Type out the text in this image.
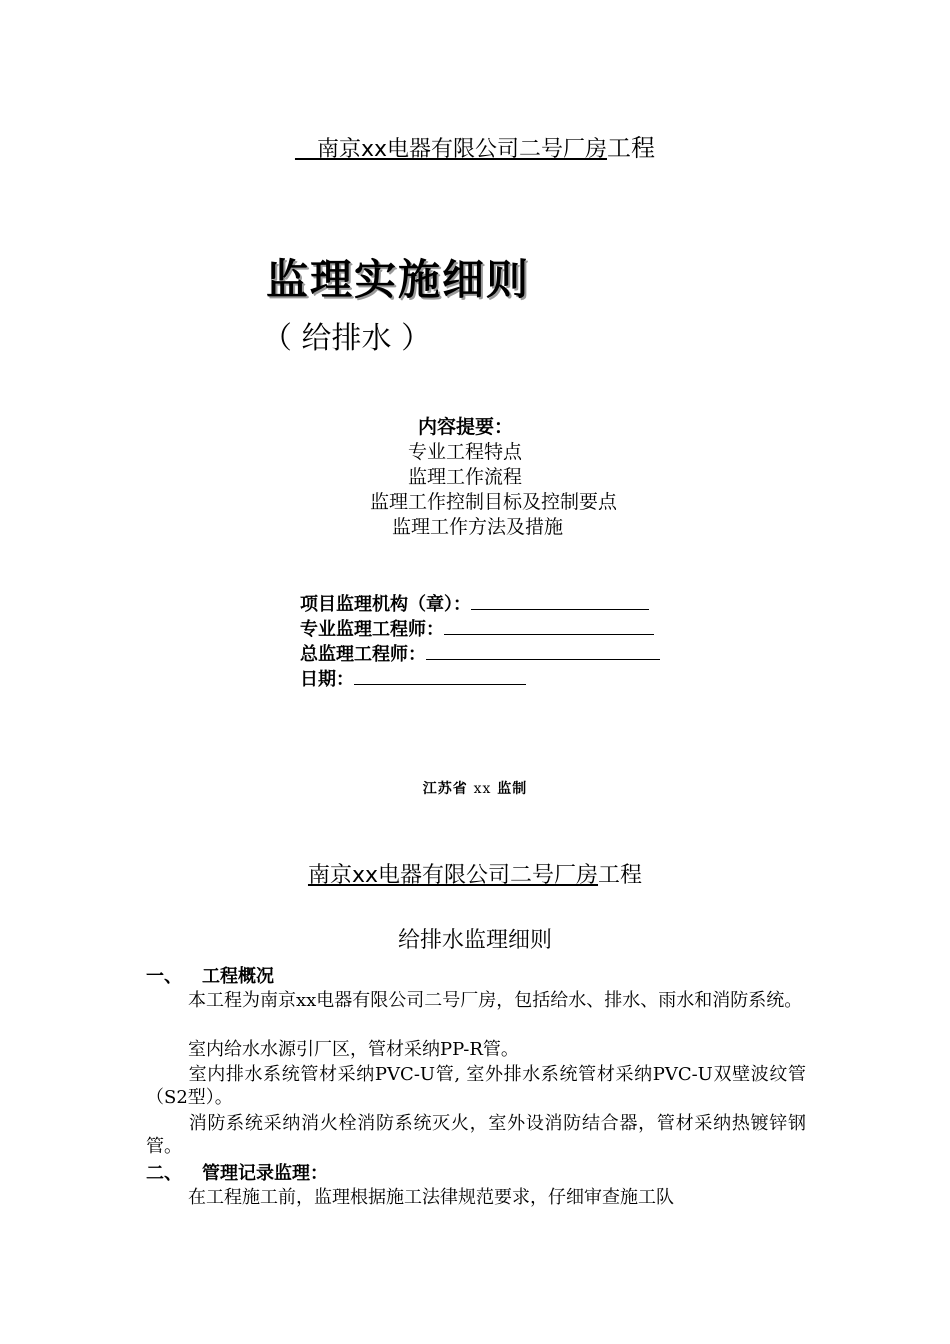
　南京xx电器有限公司二号厂房工程
监理实施细则
（ 给排水 ）
内容提要：
专业工程特点
监理工作流程
监理工作控制目标及控制要点
监理工作方法及措施
项目监理机构（章）：
专业监理工程师：
总监理工程师：
日期：
江苏省 xx 监制
南京xx电器有限公司二号厂房工程
给排水监理细则
一、 工程概况
本工程为南京xx电器有限公司二号厂房，包括给水、排水、雨水和消防系统。
室内给水水源引厂区，管材采纳PP-R管。
室内排水系统管材采纳PVC-U管, 室外排水系统管材采纳PVC-U双壁波纹管（S2型）。
消防系统采纳消火栓消防系统灭火，室外设消防结合器，管材采纳热镀锌钢管。
二、 管理记录监理：
在工程施工前，监理根据施工法律规范要求，仔细审查施工队
